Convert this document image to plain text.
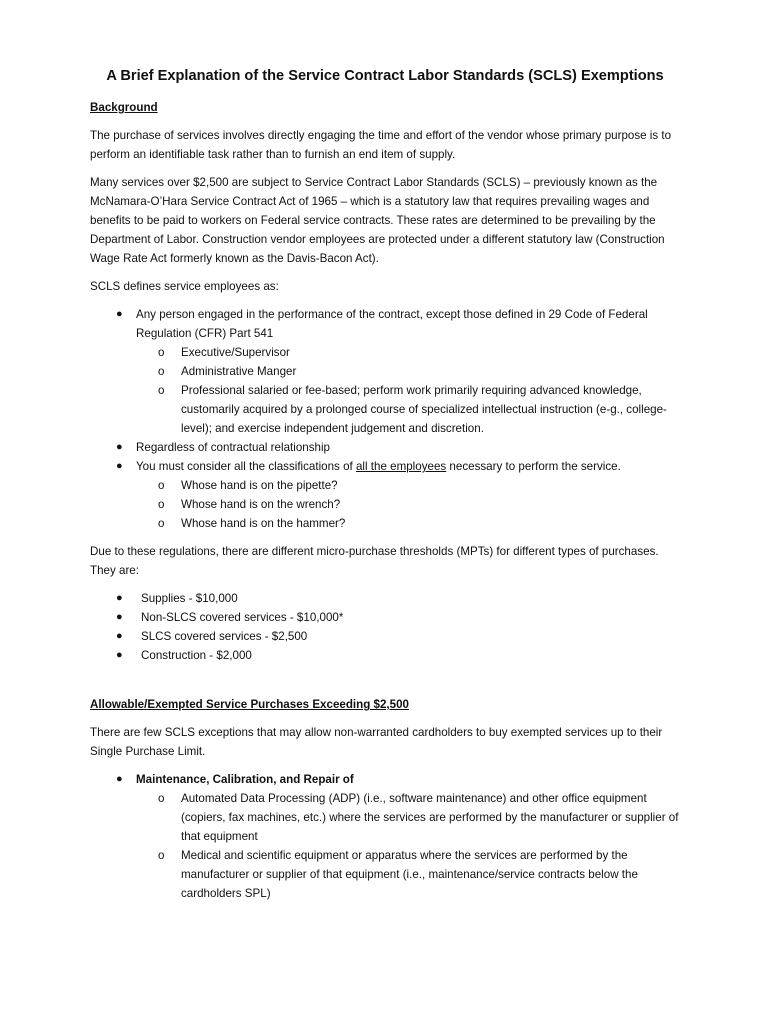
A Brief Explanation of the Service Contract Labor Standards (SCLS) Exemptions
Background

The purchase of services involves directly engaging the time and effort of the vendor whose primary purpose is to perform an identifiable task rather than to furnish an end item of supply.

Many services over $2,500 are subject to Service Contract Labor Standards (SCLS) – previously known as the McNamara-O’Hara Service Contract Act of 1965 – which is a statutory law that requires prevailing wages and benefits to be paid to workers on Federal service contracts. These rates are determined to be prevailing by the Department of Labor. Construction vendor employees are protected under a different statutory law (Construction Wage Rate Act formerly known as the Davis-Bacon Act).

SCLS defines service employees as:

● Any person engaged in the performance of the contract, except those defined in 29 Code of Federal Regulation (CFR) Part 541
o Executive/Supervisor
o Administrative Manger
o Professional salaried or fee-based; perform work primarily requiring advanced knowledge, customarily acquired by a prolonged course of specialized intellectual instruction (e-g., college-level); and exercise independent judgement and discretion.
● Regardless of contractual relationship
● You must consider all the classifications of all the employees necessary to perform the service.
o Whose hand is on the pipette?
o Whose hand is on the wrench?
o Whose hand is on the hammer?

Due to these regulations, there are different micro-purchase thresholds (MPTs) for different types of purchases. They are:

● Supplies - $10,000
● Non-SLCS covered services - $10,000*
● SLCS covered services - $2,500
● Construction - $2,000
Allowable/Exempted Service Purchases Exceeding $2,500

There are few SCLS exceptions that may allow non-warranted cardholders to buy exempted services up to their Single Purchase Limit.

● Maintenance, Calibration, and Repair of
o Automated Data Processing (ADP) (i.e., software maintenance) and other office equipment (copiers, fax machines, etc.) where the services are performed by the manufacturer or supplier of that equipment
o Medical and scientific equipment or apparatus where the services are performed by the manufacturer or supplier of that equipment (i.e., maintenance/service contracts below the cardholders SPL)
